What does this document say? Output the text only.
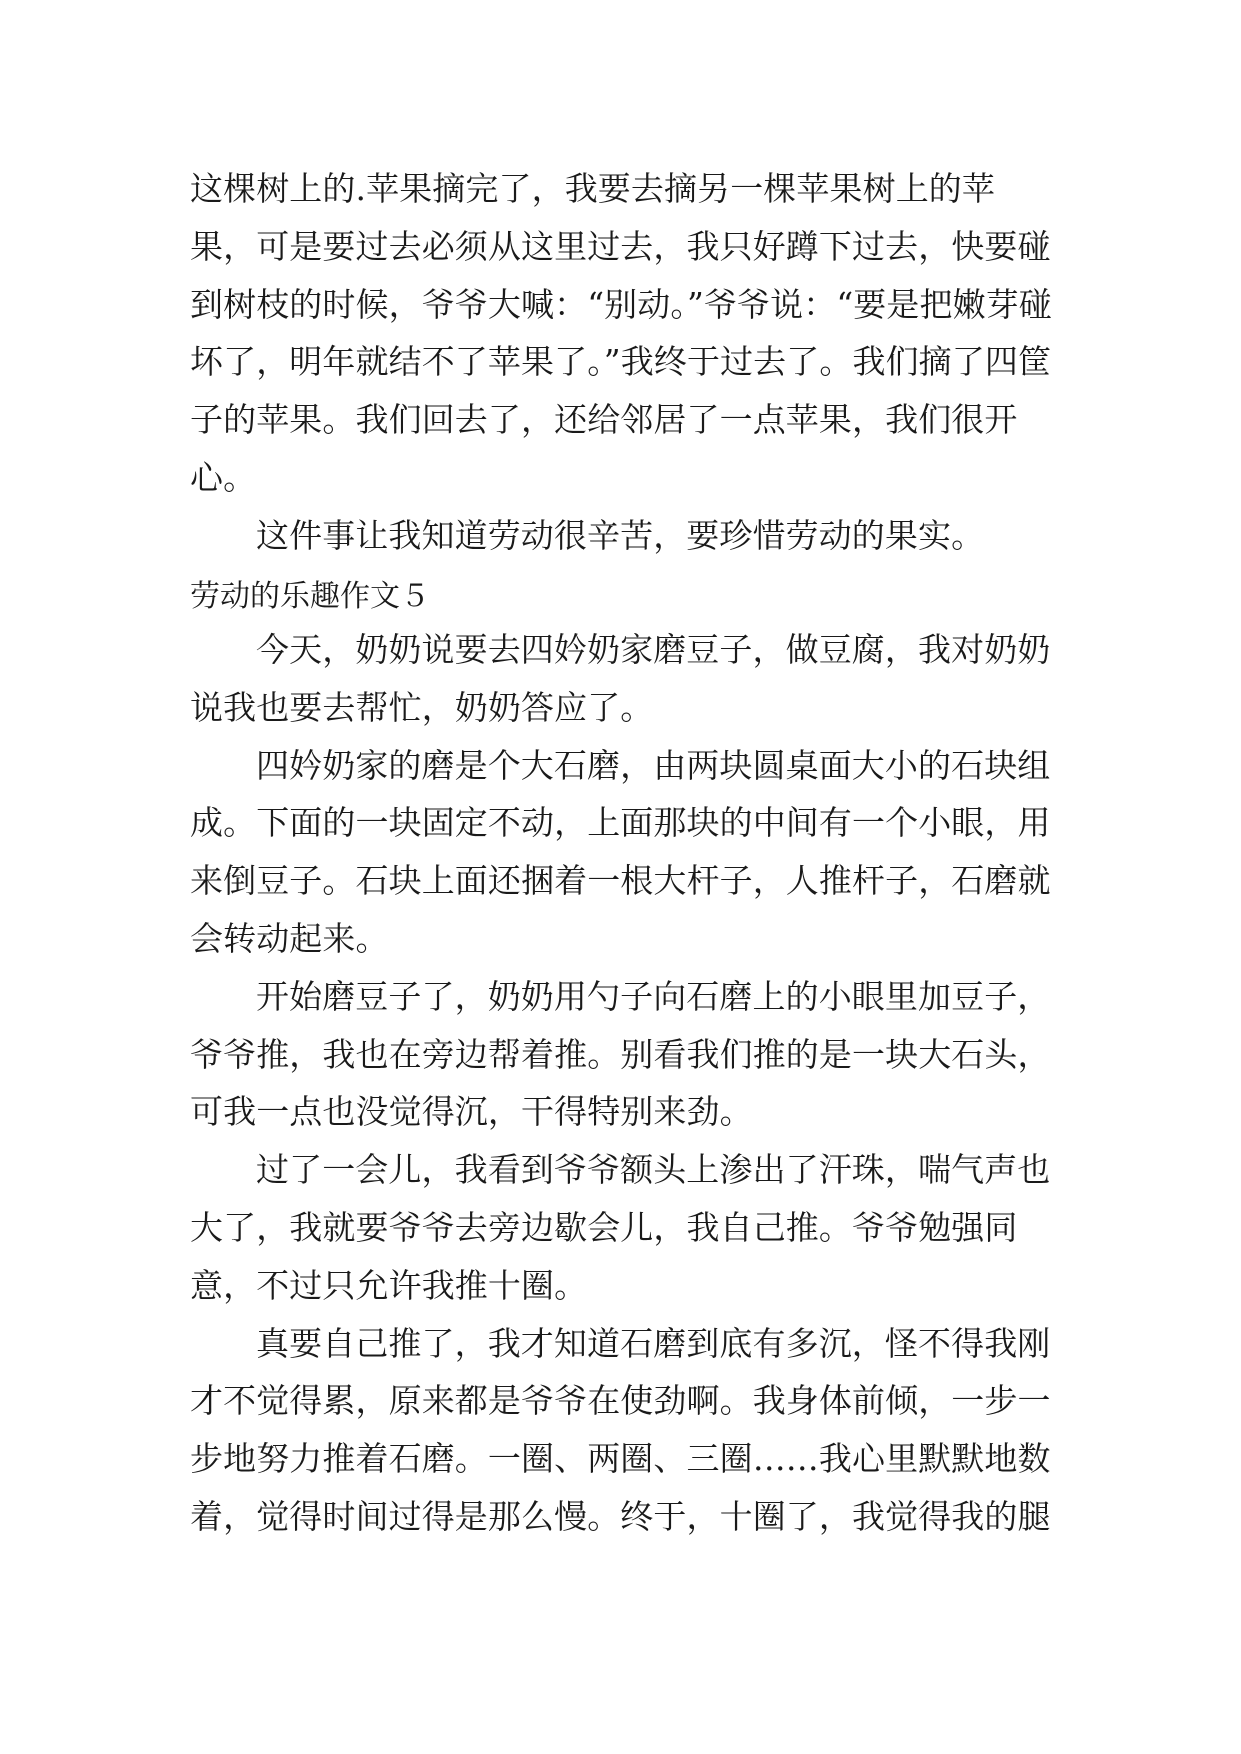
这棵树上的.苹果摘完了，我要去摘另一棵苹果树上的苹果，可是要过去必须从这里过去，我只好蹲下过去，快要碰到树枝的时候，爷爷大喊：“别动。”爷爷说：“要是把嫩芽碰坏了，明年就结不了苹果了。”我终于过去了。我们摘了四筐子的苹果。我们回去了，还给邻居了一点苹果，我们很开心。

这件事让我知道劳动很辛苦，要珍惜劳动的果实。

劳动的乐趣作文５

今天，奶奶说要去四妗奶家磨豆子，做豆腐，我对奶奶说我也要去帮忙，奶奶答应了。

四妗奶家的磨是个大石磨，由两块圆桌面大小的石块组成。下面的一块固定不动，上面那块的中间有一个小眼，用来倒豆子。石块上面还捆着一根大杆子，人推杆子，石磨就会转动起来。

开始磨豆子了，奶奶用勺子向石磨上的小眼里加豆子，爷爷推，我也在旁边帮着推。别看我们推的是一块大石头，可我一点也没觉得沉，干得特别来劲。

过了一会儿，我看到爷爷额头上渗出了汗珠，喘气声也大了，我就要爷爷去旁边歇会儿，我自己推。爷爷勉强同意，不过只允许我推十圈。

真要自己推了，我才知道石磨到底有多沉，怪不得我刚才不觉得累，原来都是爷爷在使劲啊。我身体前倾，一步一步地努力推着石磨。一圈、两圈、三圈……我心里默默地数着，觉得时间过得是那么慢。终于，十圈了，我觉得我的腿
